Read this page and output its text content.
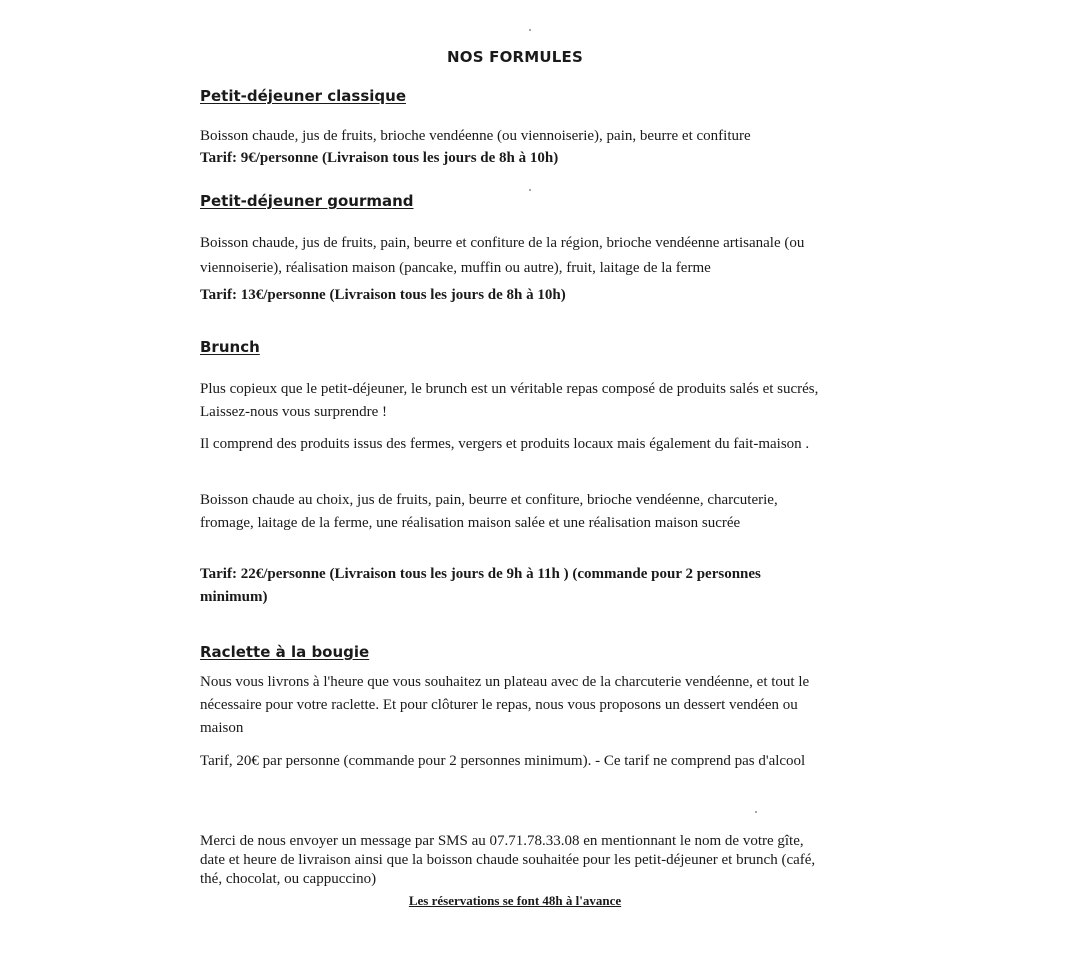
NOS FORMULES
Petit-déjeuner classique
Boisson chaude, jus de fruits, brioche vendéenne (ou viennoiserie), pain, beurre et confiture
Tarif: 9€/personne (Livraison tous les jours de 8h à 10h)
Petit-déjeuner gourmand
Boisson chaude, jus de fruits, pain, beurre et confiture de la région, brioche vendéenne artisanale (ou viennoiserie), réalisation maison (pancake, muffin ou autre), fruit, laitage de la ferme
Tarif: 13€/personne (Livraison tous les jours de 8h à 10h)
Brunch
Plus copieux que le petit-déjeuner, le brunch est un véritable repas composé de produits salés et sucrés, Laissez-nous vous surprendre !
Il comprend des produits issus des fermes, vergers et produits locaux mais également du fait-maison .
Boisson chaude au choix, jus de fruits, pain, beurre et confiture, brioche vendéenne, charcuterie, fromage, laitage de la ferme, une réalisation maison salée et une réalisation maison sucrée
Tarif: 22€/personne (Livraison tous les jours de 9h à 11h ) (commande pour 2 personnes minimum)
Raclette à la bougie
Nous vous livrons à l'heure que vous souhaitez un plateau avec de la charcuterie vendéenne, et tout le nécessaire pour votre raclette. Et pour clôturer le repas, nous vous proposons un dessert vendéen ou maison
Tarif, 20€ par personne (commande pour 2 personnes minimum). - Ce tarif ne comprend pas d'alcool
Merci de nous envoyer un message par SMS au 07.71.78.33.08 en mentionnant le nom de votre gîte, date et heure de livraison ainsi que la boisson chaude souhaitée pour les petit-déjeuner et brunch (café, thé, chocolat, ou cappuccino)
Les réservations se font 48h à l'avance
